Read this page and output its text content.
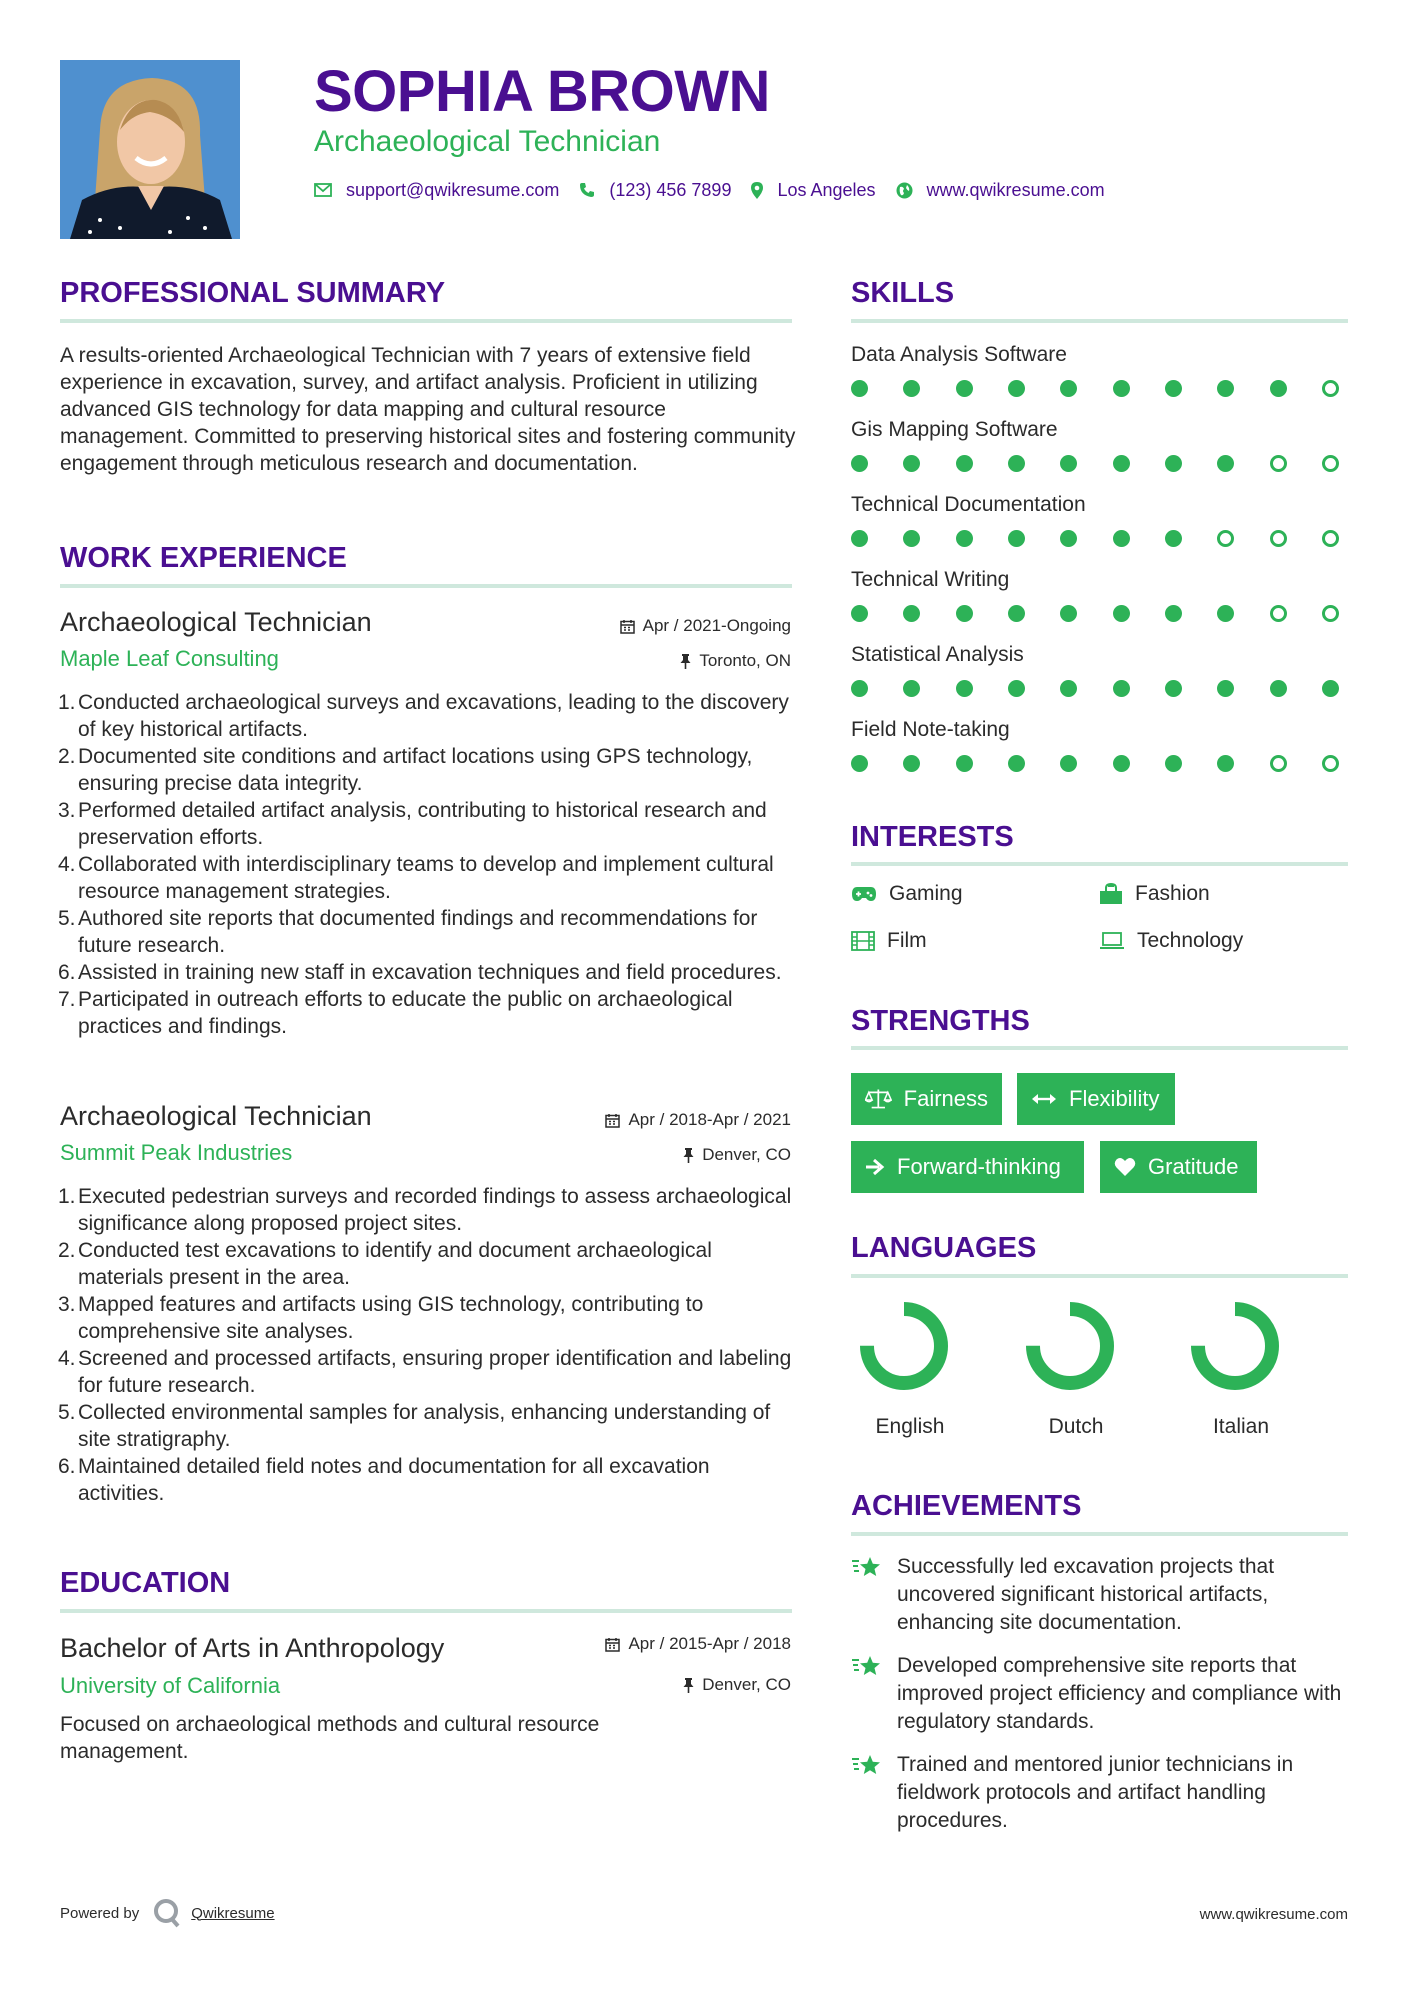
SOPHIA BROWN
Archaeological Technician
support@qwikresume.com	(123) 456 7899	Los Angeles	www.qwikresume.com
PROFESSIONAL SUMMARY
A results-oriented Archaeological Technician with 7 years of extensive field experience in excavation, survey, and artifact analysis. Proficient in utilizing advanced GIS technology for data mapping and cultural resource management. Committed to preserving historical sites and fostering community engagement through meticulous research and documentation.
WORK EXPERIENCE
Archaeological Technician	Apr / 2021-Ongoing
Maple Leaf Consulting	Toronto, ON
1. Conducted archaeological surveys and excavations, leading to the discovery of key historical artifacts.
2. Documented site conditions and artifact locations using GPS technology, ensuring precise data integrity.
3. Performed detailed artifact analysis, contributing to historical research and preservation efforts.
4. Collaborated with interdisciplinary teams to develop and implement cultural resource management strategies.
5. Authored site reports that documented findings and recommendations for future research.
6. Assisted in training new staff in excavation techniques and field procedures.
7. Participated in outreach efforts to educate the public on archaeological practices and findings.
Archaeological Technician	Apr / 2018-Apr / 2021
Summit Peak Industries	Denver, CO
1. Executed pedestrian surveys and recorded findings to assess archaeological significance along proposed project sites.
2. Conducted test excavations to identify and document archaeological materials present in the area.
3. Mapped features and artifacts using GIS technology, contributing to comprehensive site analyses.
4. Screened and processed artifacts, ensuring proper identification and labeling for future research.
5. Collected environmental samples for analysis, enhancing understanding of site stratigraphy.
6. Maintained detailed field notes and documentation for all excavation activities.
EDUCATION
Bachelor of Arts in Anthropology	Apr / 2015-Apr / 2018
University of California	Denver, CO
Focused on archaeological methods and cultural resource management.
SKILLS
Data Analysis Software
Gis Mapping Software
Technical Documentation
Technical Writing
Statistical Analysis
Field Note-taking
INTERESTS
Gaming	Fashion
Film	Technology
STRENGTHS
Fairness	Flexibility
Forward-thinking	Gratitude
LANGUAGES
English	Dutch	Italian
ACHIEVEMENTS
Successfully led excavation projects that uncovered significant historical artifacts, enhancing site documentation.
Developed comprehensive site reports that improved project efficiency and compliance with regulatory standards.
Trained and mentored junior technicians in fieldwork protocols and artifact handling procedures.
Powered by	Qwikresume	www.qwikresume.com
